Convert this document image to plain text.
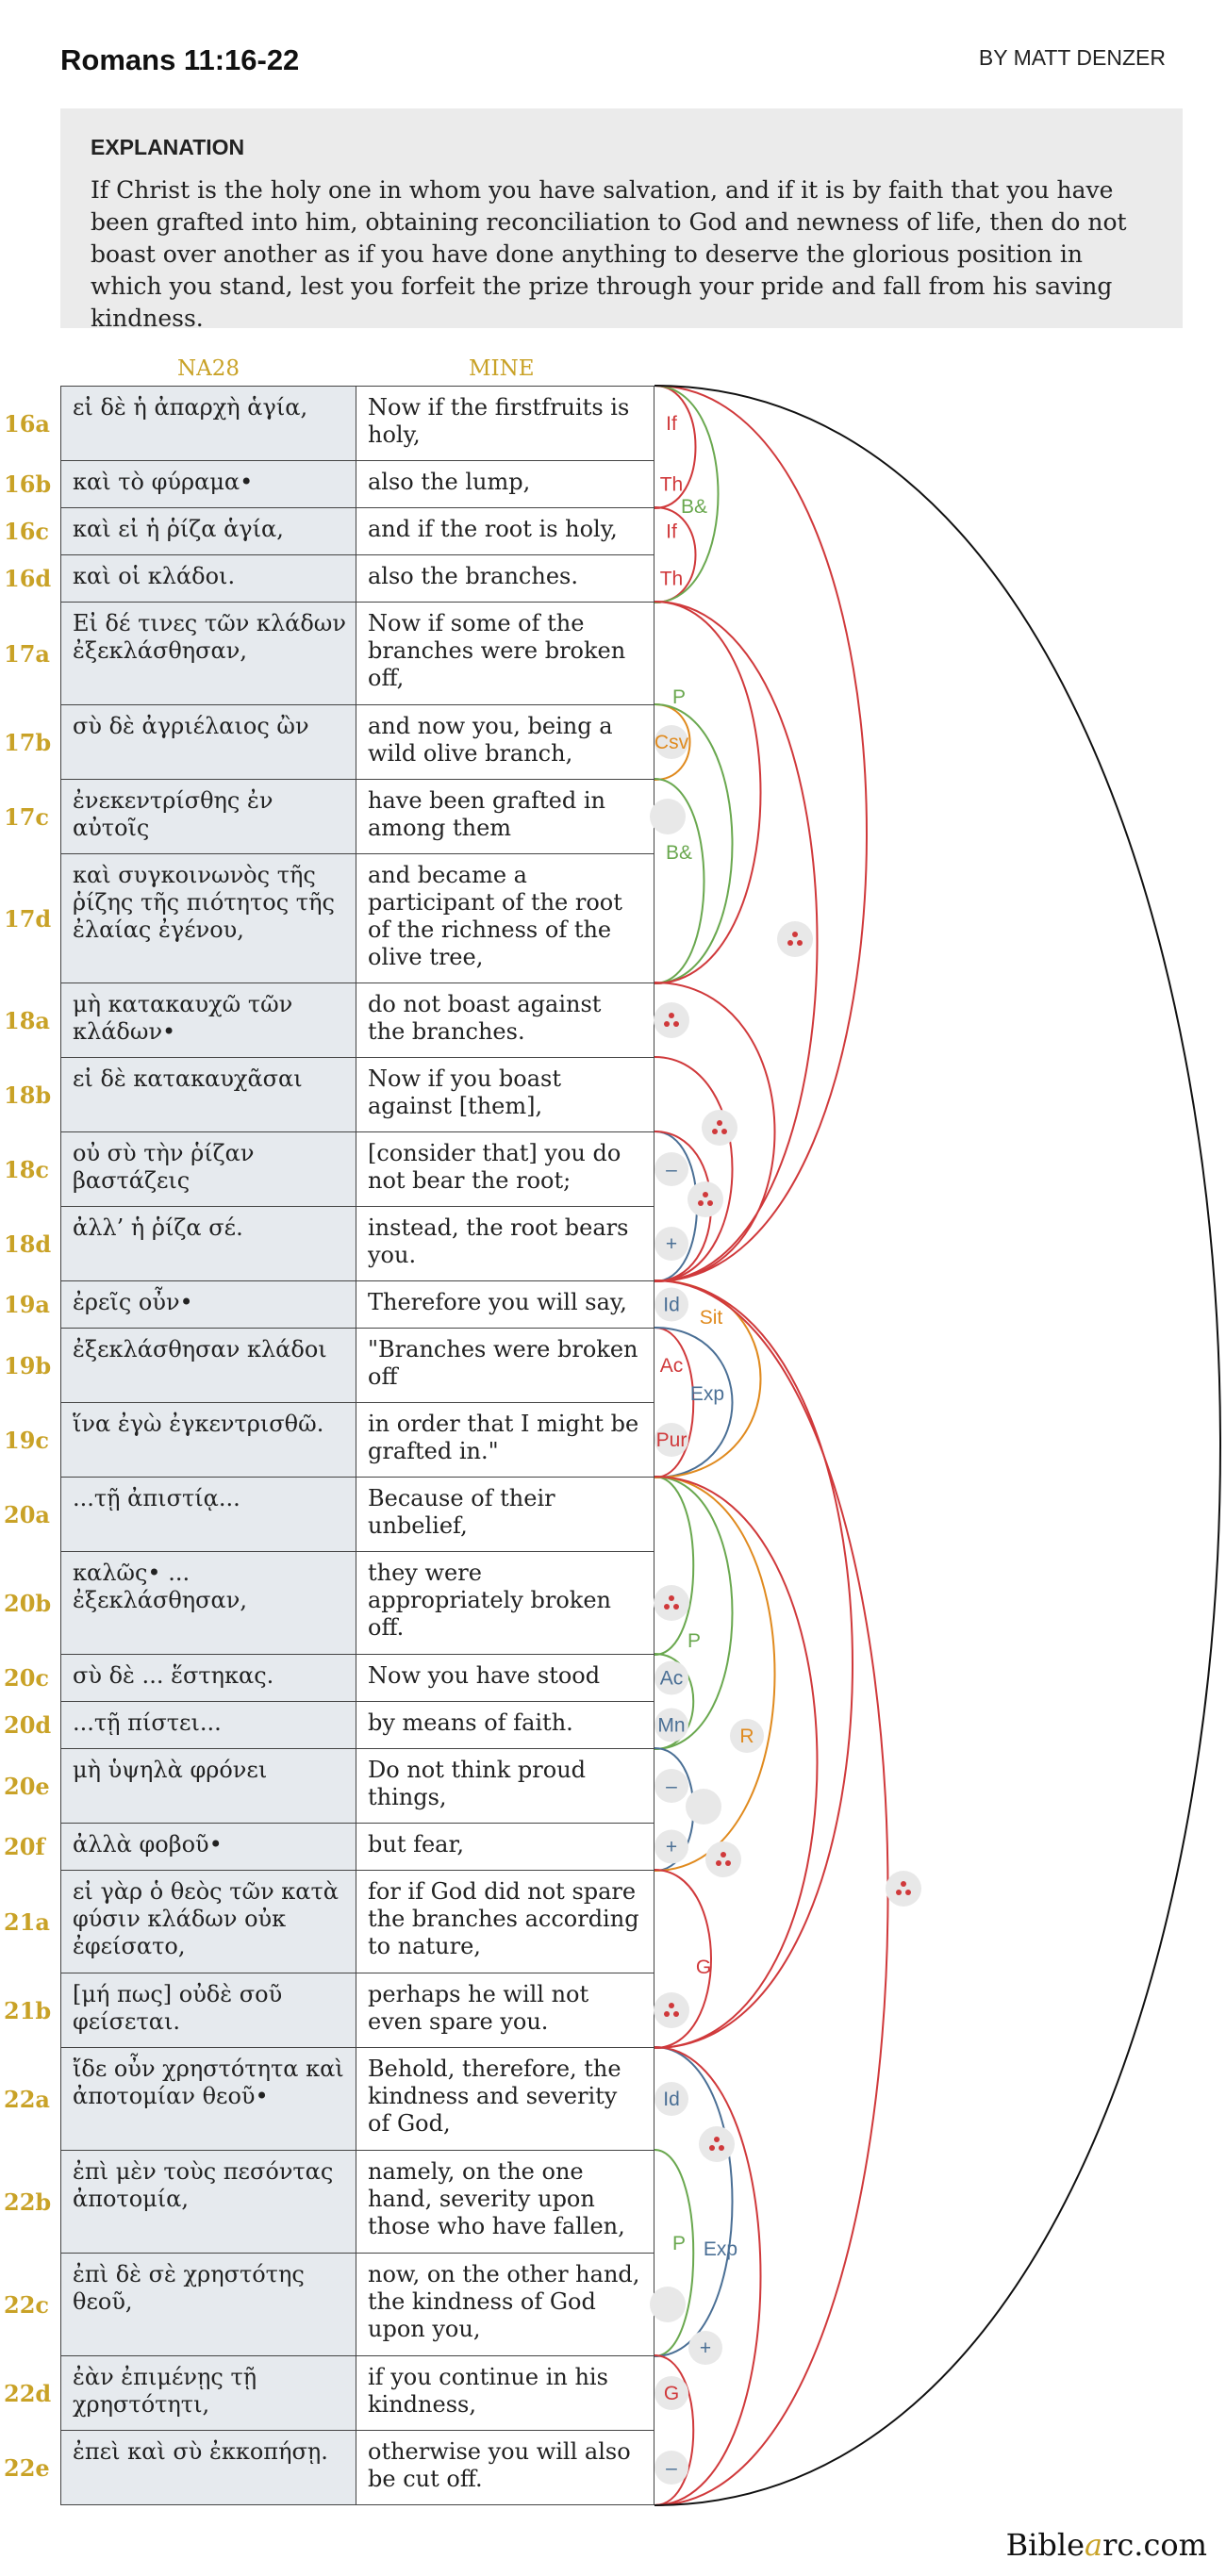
Romans 11:16-22	BY MATT DENZER
EXPLANATION
If Christ is the holy one in whom you have salvation, and if it is by faith that you have been grafted into him, obtaining reconciliation to God and newness of life, then do not boast over another as if you have done anything to deserve the glorious position in which you stand, lest you forfeit the prize through your pride and fall from his saving kindness.
NA28	MINE
16a
εἰ δὲ ἡ ἀπαρχὴ ἁγία,	Now if the firstfruits is holy,
16b καὶ τὸ φύραμα•	also the lump,
16c	καὶ εἰ ἡ ῥίζα ἁγία,	and if the root is holy,
16d καὶ οἱ κλάδοι.	also the branches.
17a
Εἰ δέ τινες τῶν κλάδων ἐξεκλάσθησαν,
Now if some of the branches were broken off,
17b
σὺ δὲ ἀγριέλαιος ὢν	and now you, being a wild olive branch,
17c
ἐνεκεντρίσθης ἐν αὐτοῖς
have been grafted in among them
17d
καὶ συγκοινωνὸς τῆς ῥίζης τῆς πιότητος τῆς ἐλαίας ἐγένου,
and became a participant of the root of the richness of the olive tree,
18a
μὴ κατακαυχῶ τῶν κλάδων•
do not boast against the branches.
18b
εἰ δὲ κατακαυχᾶσαι	Now if you boast against [them],
18c
οὐ σὺ τὴν ῥίζαν βαστάζεις
[consider that] you do not bear the root;
18d
ἀλλ’ ἡ ῥίζα σέ.	instead, the root bears you.
19a	ἐρεῖς οὖν•	Therefore you will say,
19b
ἐξεκλάσθησαν κλάδοι	"Branches were broken off
19c
ἵνα ἐγὼ ἐγκεντρισθῶ.	in order that I might be grafted in."
20a
...τῇ ἀπιστίᾳ...	Because of their unbelief,
20b
καλῶς• ... ἐξεκλάσθησαν,
they were appropriately broken off.
20c	σὺ δὲ ... ἕστηκας.	Now you have stood
20d ...τῇ πίστει...	by means of faith.
20e
μὴ ὑψηλὰ φρόνει	Do not think proud things,
20f	ἀλλὰ φοβοῦ•	but fear,
21a
εἰ γὰρ ὁ θεὸς τῶν κατὰ φύσιν κλάδων οὐκ ἐφείσατο,
for if God did not spare the branches according to nature,
21b
[μή πως] οὐδὲ σοῦ φείσεται.
perhaps he will not even spare you.
22a
ἴδε οὖν χρηστότητα καὶ ἀποτομίαν θεοῦ•
Behold, therefore, the kindness and severity of God,
22b
ἐπὶ μὲν τοὺς πεσόντας ἀποτομία,
namely, on the one hand, severity upon those who have fallen,
22c
ἐπὶ δὲ σὲ χρηστότης θεοῦ,
now, on the other hand, the kindness of God upon you,
22d
ἐὰν ἐπιμένῃς τῇ χρηστότητι,
if you continue in his kindness,
22e
ἐπεὶ καὶ σὺ ἐκκοπήσῃ.	otherwise you will also be cut off.
If
Th
B&
If
Th
P
Csv
B&
–
+
Id
Sit
Ac
Exp
Pur
P
Ac
Mn	R
–
+
G
Id
P Exp
+
G
–
Biblearc.com
